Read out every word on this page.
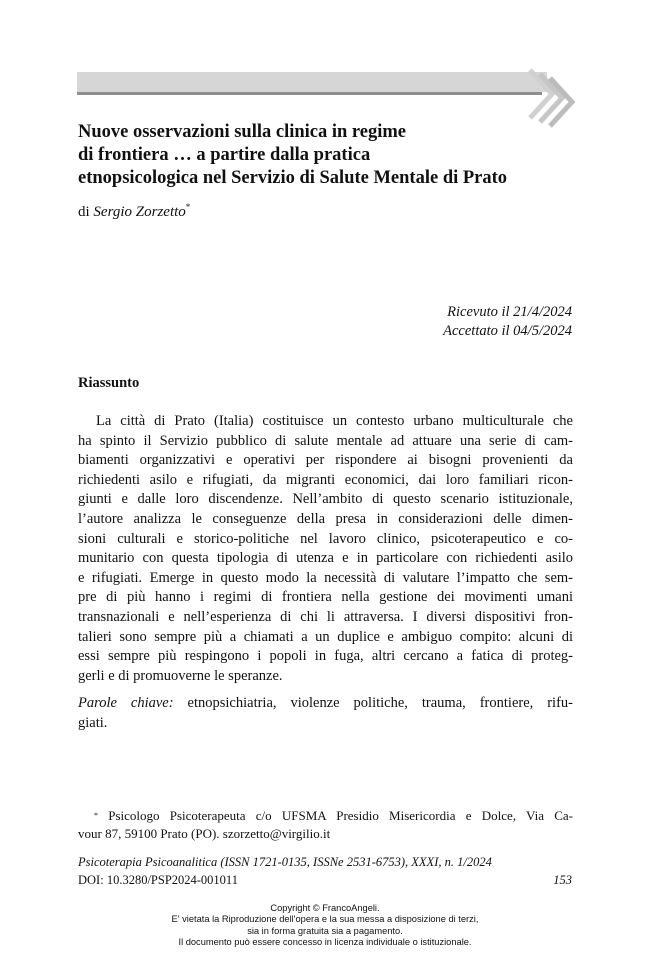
Nuove osservazioni sulla clinica in regime
di frontiera … a partire dalla pratica
etnopsicologica nel Servizio di Salute Mentale di Prato
di Sergio Zorzetto*
Ricevuto il 21/4/2024
Accettato il 04/5/2024
Riassunto
La città di Prato (Italia) costituisce un contesto urbano multiculturale che
ha spinto il Servizio pubblico di salute mentale ad attuare una serie di cam-
biamenti organizzativi e operativi per rispondere ai bisogni provenienti da
richiedenti asilo e rifugiati, da migranti economici, dai loro familiari ricon-
giunti e dalle loro discendenze. Nell’ambito di questo scenario istituzionale,
l’autore analizza le conseguenze della presa in considerazioni delle dimen-
sioni culturali e storico-politiche nel lavoro clinico, psicoterapeutico e co-
munitario con questa tipologia di utenza e in particolare con richiedenti asilo
e rifugiati. Emerge in questo modo la necessità di valutare l’impatto che sem-
pre di più hanno i regimi di frontiera nella gestione dei movimenti umani
transnazionali e nell’esperienza di chi li attraversa. I diversi dispositivi fron-
talieri sono sempre più a chiamati a un duplice e ambiguo compito: alcuni di
essi sempre più respingono i popoli in fuga, altri cercano a fatica di proteg-
gerli e di promuoverne le speranze.
Parole chiave: etnopsichiatria, violenze politiche, trauma, frontiere, rifu-
giati.
* Psicologo Psicoterapeuta c/o UFSMA Presidio Misericordia e Dolce, Via Ca-
vour 87, 59100 Prato (PO). szorzetto@virgilio.it
Psicoterapia Psicoanalitica (ISSN 1721-0135, ISSNe 2531-6753), XXXI, n. 1/2024
DOI: 10.3280/PSP2024-001011	153
Copyright © FrancoAngeli.
E' vietata la Riproduzione dell'opera e la sua messa a disposizione di terzi,
sia in forma gratuita sia a pagamento.
Il documento può essere concesso in licenza individuale o istituzionale.
